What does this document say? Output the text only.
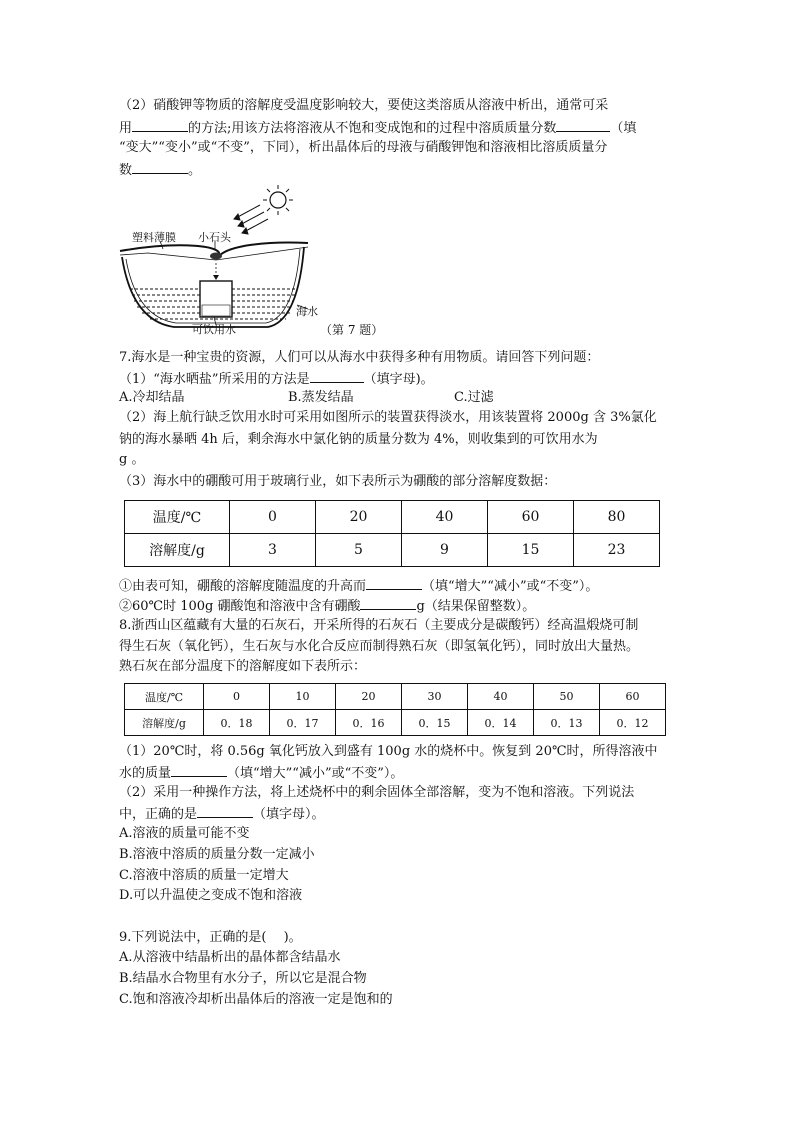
（2）硝酸钾等物质的溶解度受温度影响较大，要使这类溶质从溶液中析出，通常可采
用	的方法;用该方法将溶液从不饱和变成饱和的过程中溶质质量分数	（填
“变大”“变小”或“不变”，下同），析出晶体后的母液与硝酸钾饱和溶液相比溶质质量分
数	。
塑料薄膜 小石头
海水
可饮用水	（第 7 题）
7.海水是一种宝贵的资源，人们可以从海水中获得多种有用物质。请回答下列问题：
（1）“海水晒盐”所采用的方法是	（填字母)。
A.冷却结晶	B.蒸发结晶	C.过滤
（2）海上航行缺乏饮用水时可采用如图所示的装置获得淡水，用该装置将 2000g 含 3%氯化
钠的海水暴晒 4h 后，剩余海水中氯化钠的质量分数为 4%，则收集到的可饮用水为
g 。
（3）海水中的硼酸可用于玻璃行业，如下表所示为硼酸的部分溶解度数据：
温度/℃	0	20	40	60	80
溶解度/g	3	5	9	15	23
①由表可知，硼酸的溶解度随温度的升高而	（填“增大”“减小”或“不变”）。
②60℃时 100g 硼酸饱和溶液中含有硼酸	g（结果保留整数）。
8.浙西山区蕴藏有大量的石灰石，开采所得的石灰石（主要成分是碳酸钙）经高温煅烧可制
得生石灰（氧化钙），生石灰与水化合反应而制得熟石灰（即氢氧化钙），同时放出大量热。
熟石灰在部分温度下的溶解度如下表所示：
温度/℃	0	10	20	30	40	50	60
溶解度/g	0．18	0．17	0．16	0．15	0．14	0．13	0．12
（1）20℃时，将 0.56g 氧化钙放入到盛有 100g 水的烧杯中。恢复到 20℃时，所得溶液中
水的质量	（填“增大”“减小”或“不变”）。
（2）采用一种操作方法，将上述烧杯中的剩余固体全部溶解，变为不饱和溶液。下列说法
中，正确的是	（填字母）。
A.溶液的质量可能不变
B.溶液中溶质的质量分数一定减小
C.溶液中溶质的质量一定增大
D.可以升温使之变成不饱和溶液
9.下列说法中，正确的是(　 )。
A.从溶液中结晶析出的晶体都含结晶水
B.结晶水合物里有水分子，所以它是混合物
C.饱和溶液冷却析出晶体后的溶液一定是饱和的
